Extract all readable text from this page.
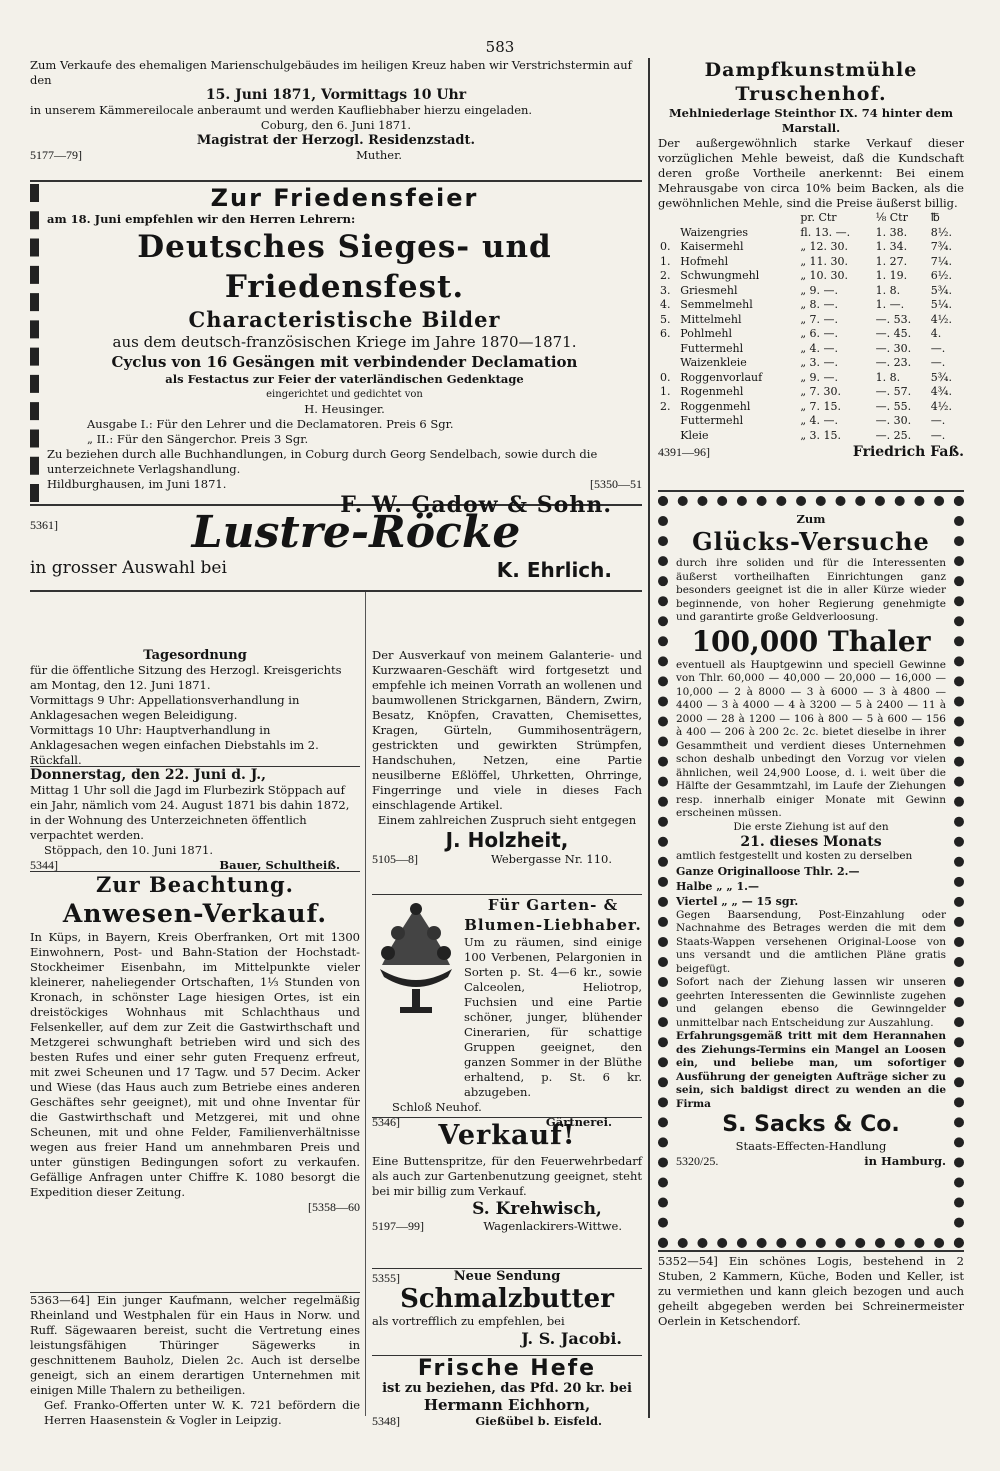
583

Zum Verkaufe des ehemaligen Marienschulgebäudes im heiligen Kreuz haben wir Verstrichstermin auf den

15. Juni 1871, Vormittags 10 Uhr

in unserem Kämmereilocale anberaumt und werden Kaufliebhaber hierzu eingeladen.

Coburg, den 6. Juni 1871.

Magistrat der Herzogl. Residenzstadt.

5177—79]	Muther.

Zur Friedensfeier

am 18. Juni empfehlen wir den Herren Lehrern:

Deutsches Sieges- und Friedensfest.

Characteristische Bilder

aus dem deutsch-französischen Kriege im Jahre 1870—1871.

Cyclus von 16 Gesängen mit verbindender Declamation

als Festactus zur Feier der vaterländischen Gedenktage

eingerichtet und gedichtet von

H. Heusinger.

Ausgabe I.: Für den Lehrer und die Declamatoren. Preis 6 Sgr.

„ II.: Für den Sängerchor. Preis 3 Sgr.

Zu beziehen durch alle Buchhandlungen, in Coburg durch Georg Sendelbach, sowie durch die unterzeichnete Verlagshandlung.

Hildburghausen, im Juni 1871.	[5350—51

F. W. Gadow & Sohn.

5361]	Lustre-Röcke

in grosser Auswahl bei	K. Ehrlich.

Tagesordnung

für die öffentliche Sitzung des Herzogl. Kreisgerichts am Montag, den 12. Juni 1871.

Vormittags 9 Uhr: Appellationsverhandlung in Anklagesachen wegen Beleidigung.

Vormittags 10 Uhr: Hauptverhandlung in Anklagesachen wegen einfachen Diebstahls im 2. Rückfall.

Donnerstag, den 22. Juni d. J.,

Mittag 1 Uhr soll die Jagd im Flurbezirk Stöppach auf ein Jahr, nämlich vom 24. August 1871 bis dahin 1872, in der Wohnung des Unterzeichneten öffentlich verpachtet werden.

Stöppach, den 10. Juni 1871.

5344]	Bauer, Schultheiß.

Zur Beachtung.

Anwesen-Verkauf.

In Küps, in Bayern, Kreis Oberfranken, Ort mit 1300 Einwohnern, Post- und Bahn-Station der Hochstadt-Stockheimer Eisenbahn, im Mittelpunkte vieler kleinerer, naheliegender Ortschaften, 1⅓ Stunden von Kronach, in schönster Lage hiesigen Ortes, ist ein dreistöckiges Wohnhaus mit Schlachthaus und Felsenkeller, auf dem zur Zeit die Gastwirthschaft und Metzgerei schwunghaft betrieben wird und sich des besten Rufes und einer sehr guten Frequenz erfreut, mit zwei Scheunen und 17 Tagw. und 57 Decim. Acker und Wiese (das Haus auch zum Betriebe eines anderen Geschäftes sehr geeignet), mit und ohne Inventar für die Gastwirthschaft und Metzgerei, mit und ohne Scheunen, mit und ohne Felder, Familienverhältnisse wegen aus freier Hand um annehmbaren Preis und unter günstigen Bedingungen sofort zu verkaufen. Gefällige Anfragen unter Chiffre K. 1080 besorgt die Expedition dieser Zeitung.

[5358—60

5363—64] Ein junger Kaufmann, welcher regelmäßig Rheinland und Westphalen für ein Haus in Norw. und Ruff. Sägewaaren bereist, sucht die Vertretung eines leistungsfähigen Thüringer Sägewerks in geschnittenem Bauholz, Dielen 2c. Auch ist derselbe geneigt, sich an einem derartigen Unternehmen mit einigen Mille Thalern zu betheiligen.

Gef. Franko-Offerten unter W. K. 721 befördern die Herren Haasenstein & Vogler in Leipzig.

Der Ausverkauf von meinem Galanterie- und Kurzwaaren-Geschäft wird fortgesetzt und empfehle ich meinen Vorrath an wollenen und baumwollenen Strickgarnen, Bändern, Zwirn, Besatz, Knöpfen, Cravatten, Chemisettes, Kragen, Gürteln, Gummihosenträgern, gestrickten und gewirkten Strümpfen, Handschuhen, Netzen, eine Partie neusilberne Eßlöffel, Uhrketten, Ohrringe, Fingerringe und viele in dieses Fach einschlagende Artikel.

Einem zahlreichen Zuspruch sieht entgegen

J. Holzheit,

5105—8]	Webergasse Nr. 110.

Für Garten- & Blumen-Liebhaber.

Um zu räumen, sind einige 100 Verbenen, Pelargonien in Sorten p. St. 4—6 kr., sowie Calceolen, Heliotrop, Fuchsien und eine Partie schöner, junger, blühender Cinerarien, für schattige Gruppen geeignet, den ganzen Sommer in der Blüthe erhaltend, p. St. 6 kr. abzugeben.

Schloß Neuhof.

5346]	Gärtnerei.

Verkauf!

Eine Buttenspritze, für den Feuerwehrbedarf als auch zur Gartenbenutzung geeignet, steht bei mir billig zum Verkauf.

S. Krehwisch,

5197—99]	Wagenlackirers-Wittwe.
5355]	Neue Sendung

Schmalzbutter

als vortrefflich zu empfehlen, bei

J. S. Jacobi.

Frische Hefe

ist zu beziehen, das Pfd. 20 kr. bei

Hermann Eichhorn,

5348]	Gießübel b. Eisfeld.

Dampfkunstmühle Truschenhof.

Mehlniederlage Steinthor IX. 74 hinter dem Marstall.

Der außergewöhnlich starke Verkauf dieser vorzüglichen Mehle beweist, daß die Kundschaft deren große Vortheile anerkennt: Bei einem Mehrausgabe von circa 10% beim Backen, als die gewöhnlichen Mehle, sind die Preise äußerst billig.

		pr. Ctr	⅛ Ctr	℔
	Waizengries	fl. 13. —.	1. 38.	8½.
0.	Kaisermehl	„ 12. 30.	1. 34.	7¾.
1.	Hofmehl	„ 11. 30.	1. 27.	7¼.
2.	Schwungmehl	„ 10. 30.	1. 19.	6½.
3.	Griesmehl	„ 9. —.	1. 8.	5¾.
4.	Semmelmehl	„ 8. —.	1. —.	5¼.
5.	Mittelmehl	„ 7. —.	—. 53.	4½.
6.	Pohlmehl	„ 6. —.	—. 45.	4.
	Futtermehl	„ 4. —.	—. 30.	—.
	Waizenkleie	„ 3. —.	—. 23.	—.
0.	Roggenvorlauf	„ 9. —.	1. 8.	5¾.
1.	Rogenmehl	„ 7. 30.	—. 57.	4¾.
2.	Roggenmehl	„ 7. 15.	—. 55.	4½.
	Futtermehl	„ 4. —.	—. 30.	—.
	Kleie	„ 3. 15.	—. 25.	—.
4391—96]	Friedrich Faß.

Zum

Glücks-Versuche

durch ihre soliden und für die Interessenten äußerst vortheilhaften Einrichtungen ganz besonders geeignet ist die in aller Kürze wieder beginnende, von hoher Regierung genehmigte und garantirte große Geldverloosung.

100,000 Thaler

eventuell als Hauptgewinn und speciell Gewinne von Thlr. 60,000 — 40,000 — 20,000 — 16,000 — 10,000 — 2 à 8000 — 3 à 6000 — 3 à 4800 — 4400 — 3 à 4000 — 4 à 3200 — 5 à 2400 — 11 à 2000 — 28 à 1200 — 106 à 800 — 5 à 600 — 156 à 400 — 206 à 200 2c. 2c. bietet dieselbe in ihrer Gesammtheit und verdient dieses Unternehmen schon deshalb unbedingt den Vorzug vor vielen ähnlichen, weil 24,900 Loose, d. i. weit über die Hälfte der Gesammtzahl, im Laufe der Ziehungen resp. innerhalb einiger Monate mit Gewinn erscheinen müssen.

Die erste Ziehung ist auf den

21. dieses Monats

amtlich festgestellt und kosten zu derselben

Ganze Originalloose Thlr. 2.—

Halbe „ „ 1.—

Viertel „ „ — 15 sgr.

Gegen Baarsendung, Post-Einzahlung oder Nachnahme des Betrages werden die mit dem Staats-Wappen versehenen Original-Loose von uns versandt und die amtlichen Pläne gratis beigefügt.

Sofort nach der Ziehung lassen wir unseren geehrten Interessenten die Gewinnliste zugehen und gelangen ebenso die Gewinngelder unmittelbar nach Entscheidung zur Auszahlung.

Erfahrungsgemäß tritt mit dem Herannahen des Ziehungs-Termins ein Mangel an Loosen ein, und beliebe man, um sofortiger Ausführung der geneigten Aufträge sicher zu sein, sich baldigst direct zu wenden an die Firma

S. Sacks & Co.

Staats-Effecten-Handlung

5320/25.	in Hamburg.

5352—54] Ein schönes Logis, bestehend in 2 Stuben, 2 Kammern, Küche, Boden und Keller, ist zu vermiethen und kann gleich bezogen und auch geheilt abgegeben werden bei Schreinermeister Oerlein in Ketschendorf.
